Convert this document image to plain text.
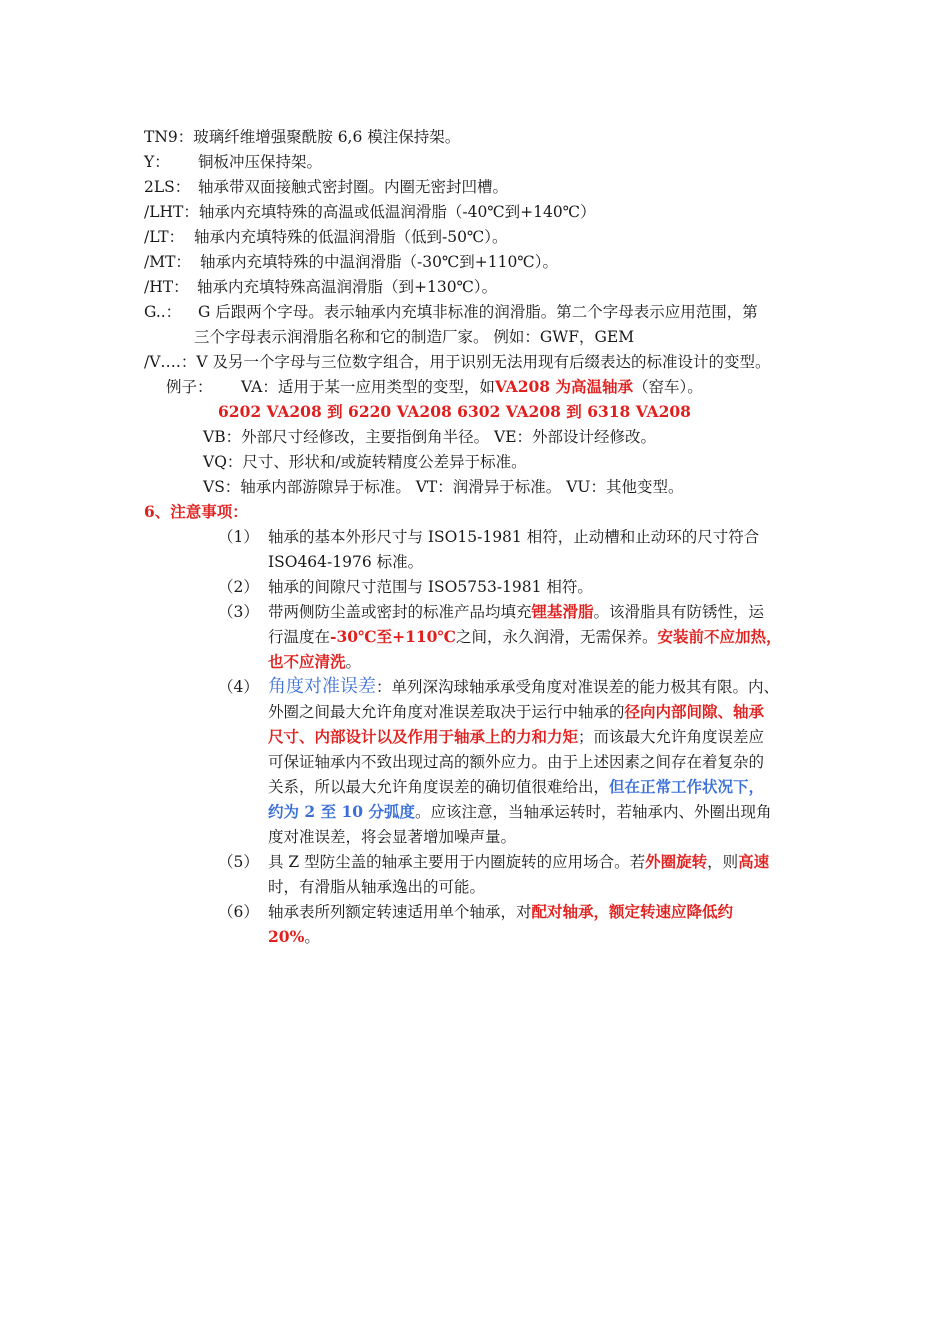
TN9：玻璃纤维增强聚酰胺 6,6 模注保持架。
Y： 铜板冲压保持架。
2LS： 轴承带双面接触式密封圈。内圈无密封凹槽。
/LHT：轴承内充填特殊的高温或低温润滑脂（-40℃到+140℃）
/LT： 轴承内充填特殊的低温润滑脂（低到-50℃）。
/MT： 轴承内充填特殊的中温润滑脂（-30℃到+110℃）。
/HT： 轴承内充填特殊高温润滑脂（到+130℃）。
G..： G 后跟两个字母。表示轴承内充填非标准的润滑脂。第二个字母表示应用范围，第
三个字母表示润滑脂名称和它的制造厂家。 例如：GWF，GEM
/V….：V 及另一个字母与三位数字组合，用于识别无法用现有后缀表达的标准设计的变型。
例子： VA：适用于某一应用类型的变型，如VA208 为高温轴承（窑车）。
6202 VA208 到 6220 VA208 6302 VA208 到 6318 VA208
VB：外部尺寸经修改，主要指倒角半径。 VE：外部设计经修改。
VQ：尺寸、形状和/或旋转精度公差异于标准。
VS：轴承内部游隙异于标准。 VT：润滑异于标准。 VU：其他变型。
6、注意事项：
（1） 轴承的基本外形尺寸与 ISO15-1981 相符，止动槽和止动环的尺寸符合
ISO464-1976 标准。
（2） 轴承的间隙尺寸范围与 ISO5753-1981 相符。
（3） 带两侧防尘盖或密封的标准产品均填充锂基滑脂。该滑脂具有防锈性，运
行温度在-30℃至+110℃之间，永久润滑，无需保养。安装前不应加热，
也不应清洗。
（4） 角度对准误差：单列深沟球轴承承受角度对准误差的能力极其有限。内、
外圈之间最大允许角度对准误差取决于运行中轴承的径向内部间隙、轴承
尺寸、内部设计以及作用于轴承上的力和力矩；而该最大允许角度误差应
可保证轴承内不致出现过高的额外应力。由于上述因素之间存在着复杂的
关系，所以最大允许角度误差的确切值很难给出，但在正常工作状况下，
约为 2 至 10 分弧度。应该注意，当轴承运转时，若轴承内、外圈出现角
度对准误差，将会显著增加噪声量。
（5） 具 Z 型防尘盖的轴承主要用于内圈旋转的应用场合。若外圈旋转，则高速
时，有滑脂从轴承逸出的可能。
（6） 轴承表所列额定转速适用单个轴承，对配对轴承，额定转速应降低约
20%。
